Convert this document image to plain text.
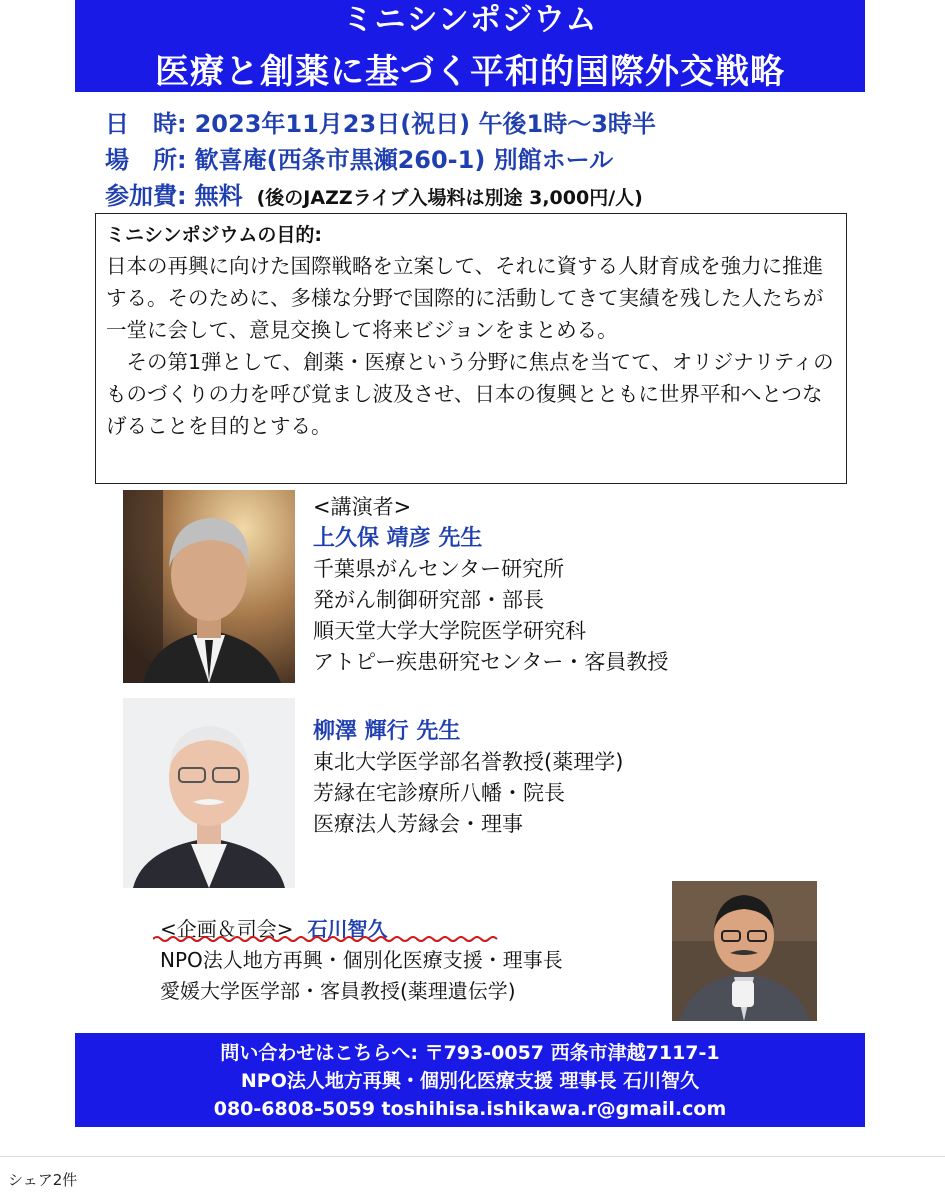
ミニシンポジウム
医療と創薬に基づく平和的国際外交戦略
日　時: 2023年11月23日(祝日) 午後1時～3時半
場　所: 歓喜庵(西条市黒瀬260-1) 別館ホール
参加費: 無料 (後のJAZZライブ入場料は別途 3,000円/人)
ミニシンポジウムの目的:

日本の再興に向けた国際戦略を立案して、それに資する人財育成を強力に推進する。そのために、多様な分野で国際的に活動してきて実績を残した人たちが一堂に会して、意見交換して将来ビジョンをまとめる。

　その第1弾として、創薬・医療という分野に焦点を当てて、オリジナリティのものづくりの力を呼び覚まし波及させ、日本の復興とともに世界平和へとつなげることを目的とする。

<講演者>
上久保 靖彦 先生
千葉県がんセンター研究所
発がん制御研究部・部長
順天堂大学大学院医学研究科
アトピー疾患研究センター・客員教授
柳澤 輝行 先生
東北大学医学部名誉教授(薬理学)
芳縁在宅診療所八幡・院長
医療法人芳縁会・理事
<企画＆司会> 石川智久
NPO法人地方再興・個別化医療支援・理事長
愛媛大学医学部・客員教授(薬理遺伝学)
問い合わせはこちらへ: 〒793-0057 西条市津越7117-1
NPO法人地方再興・個別化医療支援 理事長 石川智久
080-6808-5059 toshihisa.ishikawa.r@gmail.com
シェア2件
